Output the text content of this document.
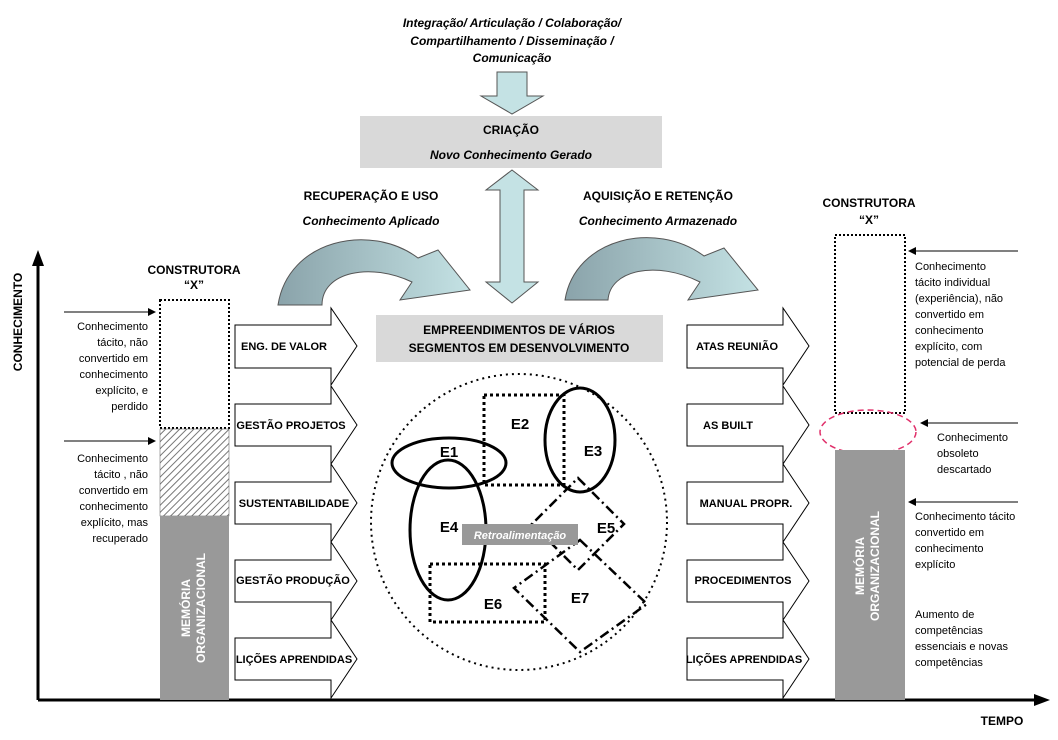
CONHECIMENTO
TEMPO
Integração/ Articulação / Colaboração/
Compartilhamento / Disseminação /
Comunicação
CRIAÇÃO
Novo Conhecimento Gerado
RECUPERAÇÃO E USO
Conhecimento Aplicado
AQUISIÇÃO E RETENÇÃO
Conhecimento Armazenado
EMPREENDIMENTOS DE VÁRIOS
SEGMENTOS EM DESENVOLVIMENTO
Retroalimentação
E1
E2
E3
E4	E5
E6	E7
CONSTRUTORA
“X”
MEMÓRIA ORGANIZACIONAL
Conhecimento
tácito, não
convertido em
conhecimento
explícito, e
perdido
Conhecimento
tácito , não
convertido em
conhecimento
explícito, mas
recuperado
ENG. DE VALOR
GESTÃO PROJETOS
SUSTENTABILIDADE
GESTÃO PRODUÇÃO
LIÇÕES APRENDIDAS
ATAS REUNIÃO
AS BUILT
MANUAL PROPR.
PROCEDIMENTOS
LIÇÕES APRENDIDAS
CONSTRUTORA
“X”
MEMÓRIA ORGANIZACIONAL
Conhecimento
tácito individual
(experiência), não
convertido em
conhecimento
explícito, com
potencial de perda
Conhecimento
obsoleto
descartado
Conhecimento tácito
convertido em
conhecimento
explícito
Aumento de
competências
essenciais e novas
competências
